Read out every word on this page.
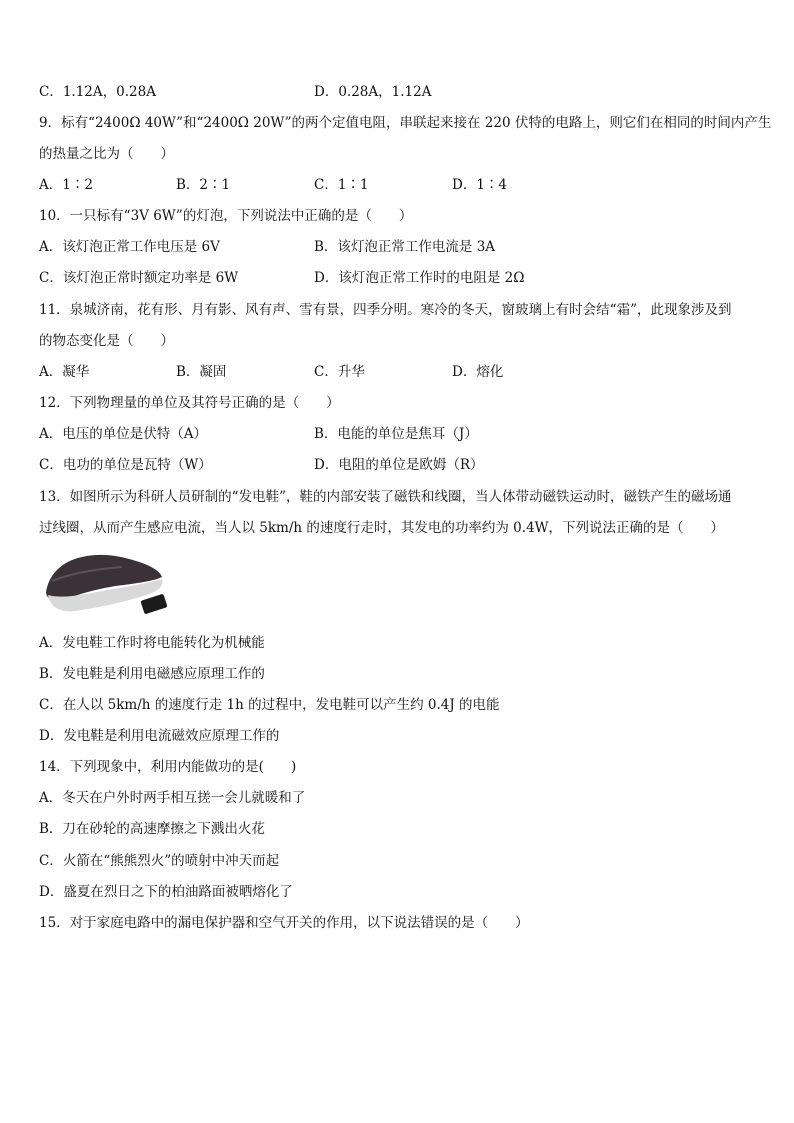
C．1.12A，0.28A	D．0.28A，1.12A
9．标有“2400Ω 40W”和“2400Ω 20W”的两个定值电阻，串联起来接在 220 伏特的电路上，则它们在相同的时间内产生
的热量之比为（　　）
A．1∶2	B．2∶1	C．1∶1	D．1∶4
10．一只标有“3V 6W”的灯泡，下列说法中正确的是（　　）
A．该灯泡正常工作电压是 6V	B．该灯泡正常工作电流是 3A
C．该灯泡正常时额定功率是 6W	D．该灯泡正常工作时的电阻是 2Ω
11．泉城济南，花有形、月有影、风有声、雪有景，四季分明。寒冷的冬天，窗玻璃上有时会结“霜”，此现象涉及到
的物态变化是（　　）
A．凝华	B．凝固	C．升华	D．熔化
12．下列物理量的单位及其符号正确的是（　　）
A．电压的单位是伏特（A）	B．电能的单位是焦耳（J）
C．电功的单位是瓦特（W）	D．电阻的单位是欧姆（R）
13．如图所示为科研人员研制的“发电鞋”，鞋的内部安装了磁铁和线圈，当人体带动磁铁运动时，磁铁产生的磁场通
过线圈，从而产生感应电流，当人以 5km/h 的速度行走时，其发电的功率约为 0.4W，下列说法正确的是（　　）
A．发电鞋工作时将电能转化为机械能
B．发电鞋是利用电磁感应原理工作的
C．在人以 5km/h 的速度行走 1h 的过程中，发电鞋可以产生约 0.4J 的电能
D．发电鞋是利用电流磁效应原理工作的
14．下列现象中，利用内能做功的是(　　)
A．冬天在户外时两手相互搓一会儿就暖和了
B．刀在砂轮的高速摩擦之下溅出火花
C．火箭在“熊熊烈火”的喷射中冲天而起
D．盛夏在烈日之下的柏油路面被晒熔化了
15．对于家庭电路中的漏电保护器和空气开关的作用，以下说法错误的是（　　）
